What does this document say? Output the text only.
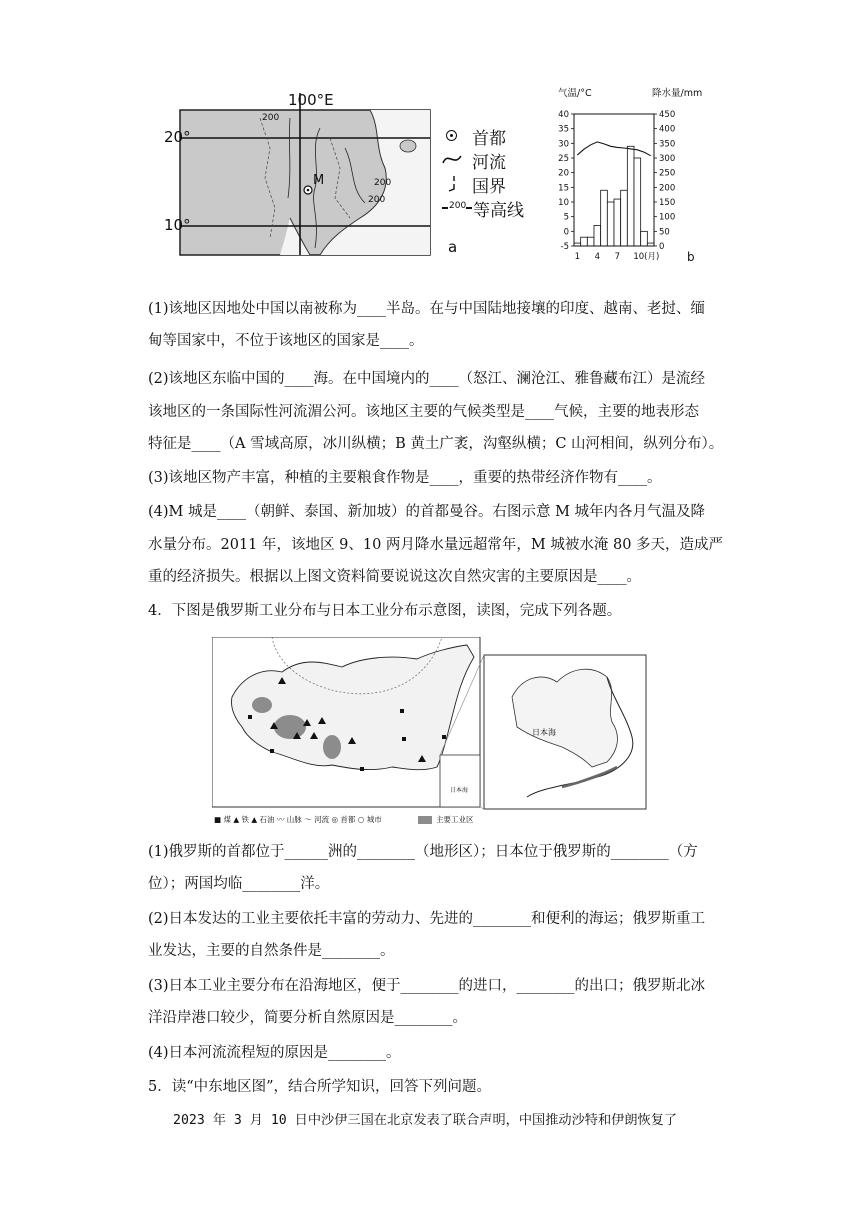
100°E
20°
10°
M
200
200
200
首都
河流
国界
200 等高线
a
气温/°C	降水量/mm
40
35
30
25
20
15
10
5
0
-5
450
400
350
300
250
200
150
100
50
0
1 4 7 10(月) b

(1)该地区因地处中国以南被称为____半岛。在与中国陆地接壤的印度、越南、老挝、缅

甸等国家中，不位于该地区的国家是____。

(2)该地区东临中国的____海。在中国境内的____（怒江、澜沧江、雅鲁藏布江）是流经

该地区的一条国际性河流湄公河。该地区主要的气候类型是____气候，主要的地表形态

特征是____（A 雪域高原，冰川纵横；B 黄土广袤，沟壑纵横；C 山河相间，纵列分布）。

(3)该地区物产丰富，种植的主要粮食作物是____，重要的热带经济作物有____。

(4)M 城是____（朝鲜、泰国、新加坡）的首都曼谷。右图示意 M 城年内各月气温及降

水量分布。2011 年，该地区 9、10 两月降水量远超常年，M 城被水淹 80 多天，造成严

重的经济损失。根据以上图文资料简要说说这次自然灾害的主要原因是____。

4．下图是俄罗斯工业分布与日本工业分布示意图，读图，完成下列各题。

日本海
日本海
■ 煤 ▲ 铁 ▲ 石油 〰 山脉 〜 河流 ◎ 首都 ○ 城市	主要工业区

(1)俄罗斯的首都位于______洲的________（地形区）；日本位于俄罗斯的________（方

位）；两国均临________洋。

(2)日本发达的工业主要依托丰富的劳动力、先进的________和便利的海运；俄罗斯重工

业发达，主要的自然条件是________。

(3)日本工业主要分布在沿海地区，便于________的进口，________的出口；俄罗斯北冰

洋沿岸港口较少，简要分析自然原因是________。

(4)日本河流流程短的原因是________。

5．读“中东地区图”，结合所学知识，回答下列问题。

2023 年 3 月 10 日中沙伊三国在北京发表了联合声明，中国推动沙特和伊朗恢复了
